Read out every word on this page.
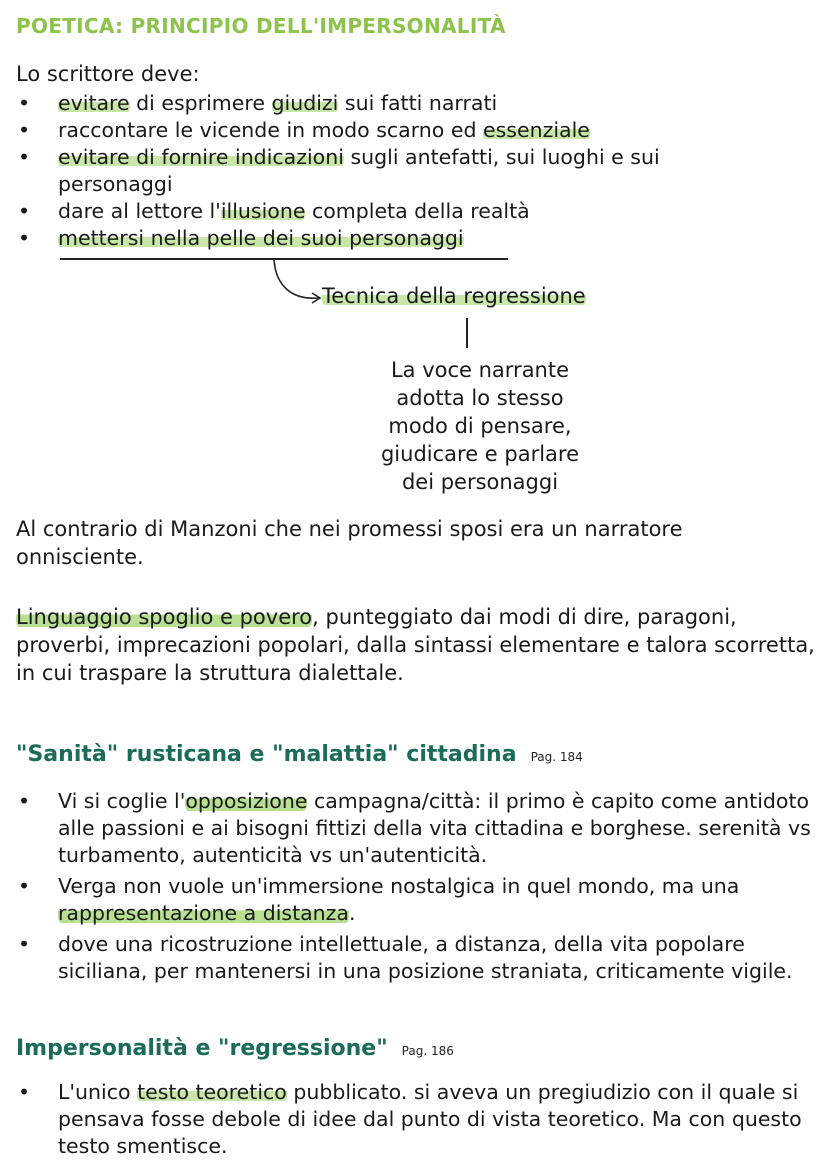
POETICA: PRINCIPIO DELL'IMPERSONALITÀ
Lo scrittore deve:
• evitare di esprimere giudizi sui fatti narrati
• raccontare le vicende in modo scarno ed essenziale
• evitare di fornire indicazioni sugli antefatti, sui luoghi e sui personaggi
• dare al lettore l'illusione completa della realtà
• mettersi nella pelle dei suoi personaggi
Tecnica della regressione
La voce narrante
adotta lo stesso
modo di pensare,
giudicare e parlare
dei personaggi
Al contrario di Manzoni che nei promessi sposi era un narratore onnisciente.
Linguaggio spoglio e povero, punteggiato dai modi di dire, paragoni, proverbi, imprecazioni popolari, dalla sintassi elementare e talora scorretta, in cui traspare la struttura dialettale.
"Sanità" rusticana e "malattia" cittadina Pag. 184
• Vi si coglie l'opposizione campagna/città: il primo è capito come antidoto alle passioni e ai bisogni fittizi della vita cittadina e borghese. serenità vs turbamento, autenticità vs un'autenticità.
• Verga non vuole un'immersione nostalgica in quel mondo, ma una rappresentazione a distanza.
• dove una ricostruzione intellettuale, a distanza, della vita popolare siciliana, per mantenersi in una posizione straniata, criticamente vigile.
Impersonalità e "regressione" Pag. 186
• L'unico testo teoretico pubblicato. si aveva un pregiudizio con il quale si pensava fosse debole di idee dal punto di vista teoretico. Ma con questo testo smentisce.
